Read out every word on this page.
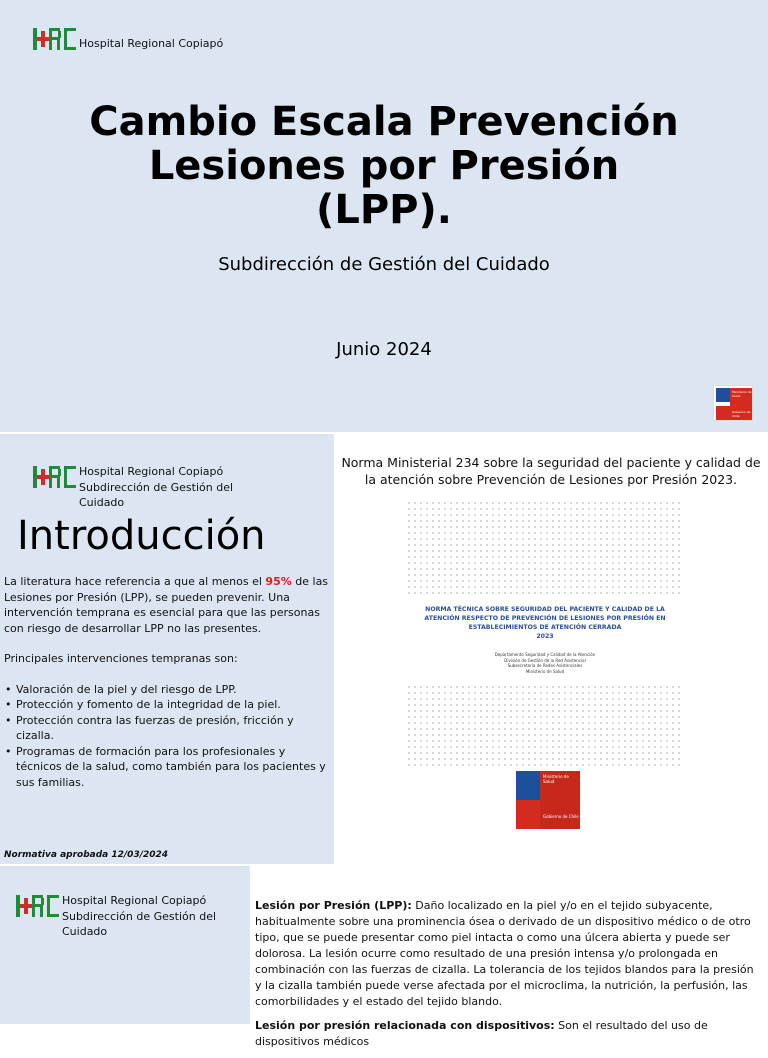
Hospital Regional Copiapó
Cambio Escala Prevención
Lesiones por Presión
(LPP).
Subdirección de Gestión del Cuidado
Junio 2024
Ministerio de
Salud

Gobierno de Chile
Hospital Regional Copiapó
Subdirección de Gestión del
Cuidado

La literatura hace referencia a que al menos el 95% de las Lesiones por Presión (LPP), se pueden prevenir. Una intervención temprana es esencial para que las personas con riesgo de desarrollar LPP no las presentes.

Principales intervenciones tempranas son:

• Valoración de la piel y del riesgo de LPP.
• Protección y fomento de la integridad de la piel.
• Protección contra las fuerzas de presión, fricción y cizalla.
• Programas de formación para los profesionales y técnicos de la salud, como también para los pacientes y sus familias.
Introducción
Normativa aprobada 12/03/2024
Norma Ministerial 234 sobre la seguridad del paciente y calidad de la atención sobre Prevención de Lesiones por Presión 2023.
NORMA TÉCNICA SOBRE SEGURIDAD DEL PACIENTE Y CALIDAD DE LA ATENCIÓN RESPECTO DE PREVENCIÓN DE LESIONES POR PRESIÓN EN ESTABLECIMIENTOS DE ATENCIÓN CERRADA
2023
Departamento Seguridad y Calidad de la Atención
División de Gestión de la Red Asistencial
Subsecretaría de Redes Asistenciales
Ministerio de Salud
Ministerio de
Salud

Gobierno de Chile
Hospital Regional Copiapó
Subdirección de Gestión del
Cuidado

Lesión por Presión (LPP): Daño localizado en la piel y/o en el tejido subyacente, habitualmente sobre una prominencia ósea o derivado de un dispositivo médico o de otro tipo, que se puede presentar como piel intacta o como una úlcera abierta y puede ser dolorosa. La lesión ocurre como resultado de una presión intensa y/o prolongada en combinación con las fuerzas de cizalla. La tolerancia de los tejidos blandos para la presión y la cizalla también puede verse afectada por el microclima, la nutrición, la perfusión, las comorbilidades y el estado del tejido blando.

Lesión por presión relacionada con dispositivos: Son el resultado del uso de dispositivos médicos
